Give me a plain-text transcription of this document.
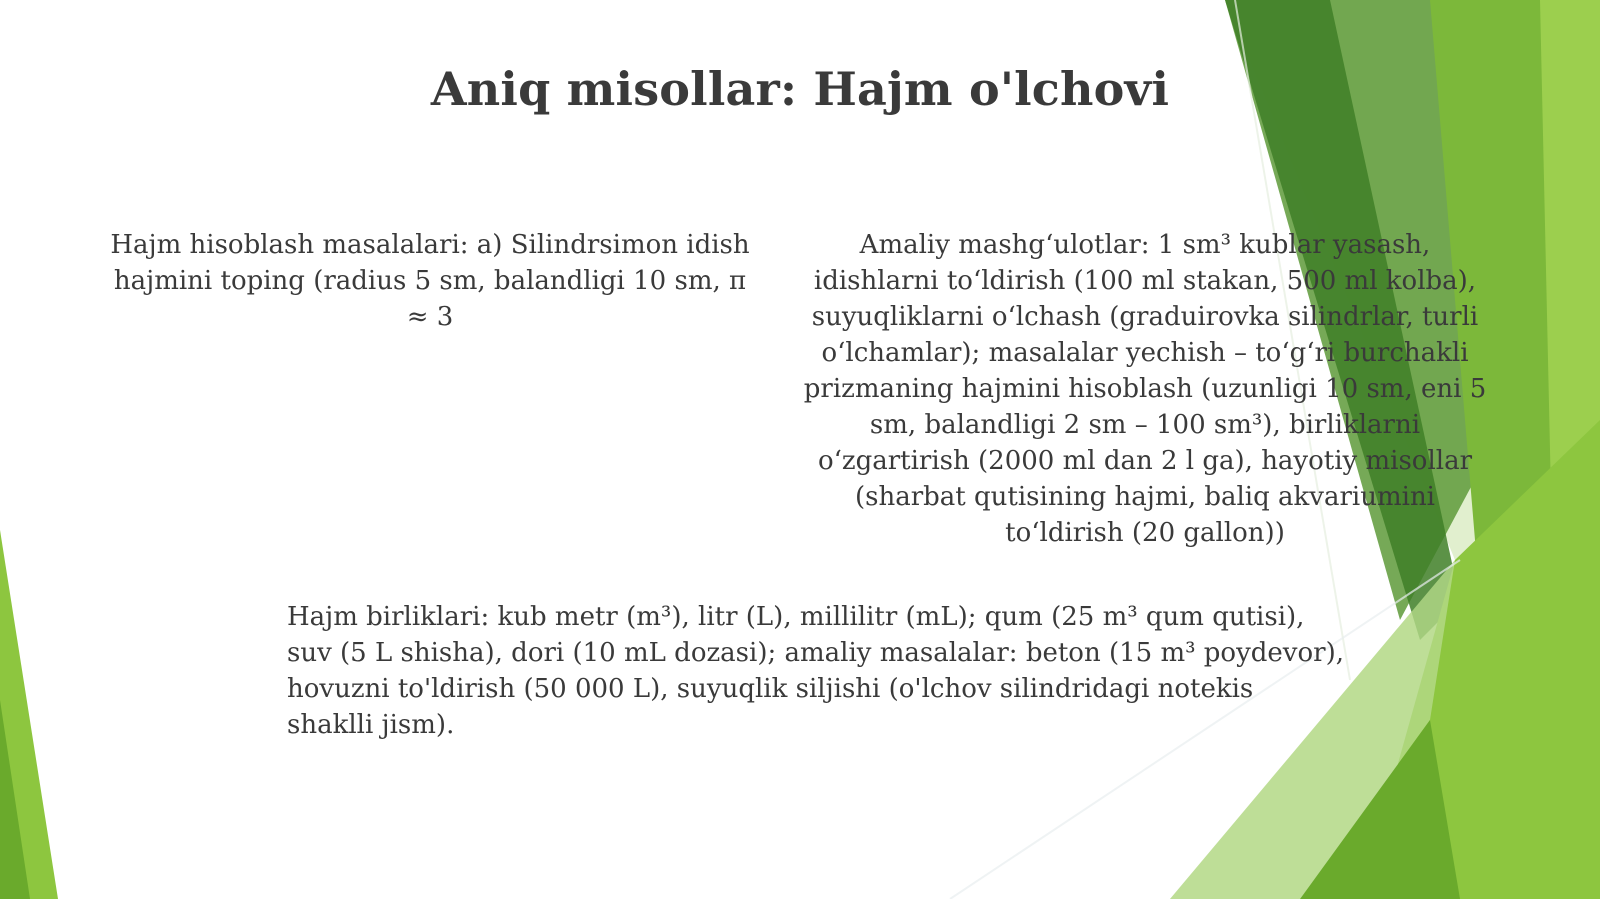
Aniq misollar: Hajm o'lchovi

Hajm hisoblash masalalari: a) Silindrsimon idish hajmini toping (radius 5 sm, balandligi 10 sm, π ≈ 3

Amaliy mashg‘ulotlar: 1 sm³ kublar yasash, idishlarni to‘ldirish (100 ml stakan, 500 ml kolba), suyuqliklarni o‘lchash (graduirovka silindrlar, turli o‘lchamlar); masalalar yechish – to‘g‘ri burchakli prizmaning hajmini hisoblash (uzunligi 10 sm, eni 5 sm, balandligi 2 sm – 100 sm³), birliklarni o‘zgartirish (2000 ml dan 2 l ga), hayotiy misollar (sharbat qutisining hajmi, baliq akvariumini to‘ldirish (20 gallon))

Hajm birliklari: kub metr (m³), litr (L), millilitr (mL); qum (25 m³ qum qutisi), suv (5 L shisha), dori (10 mL dozasi); amaliy masalalar: beton (15 m³ poydevor), hovuzni to'ldirish (50 000 L), suyuqlik siljishi (o'lchov silindridagi notekis shaklli jism).
